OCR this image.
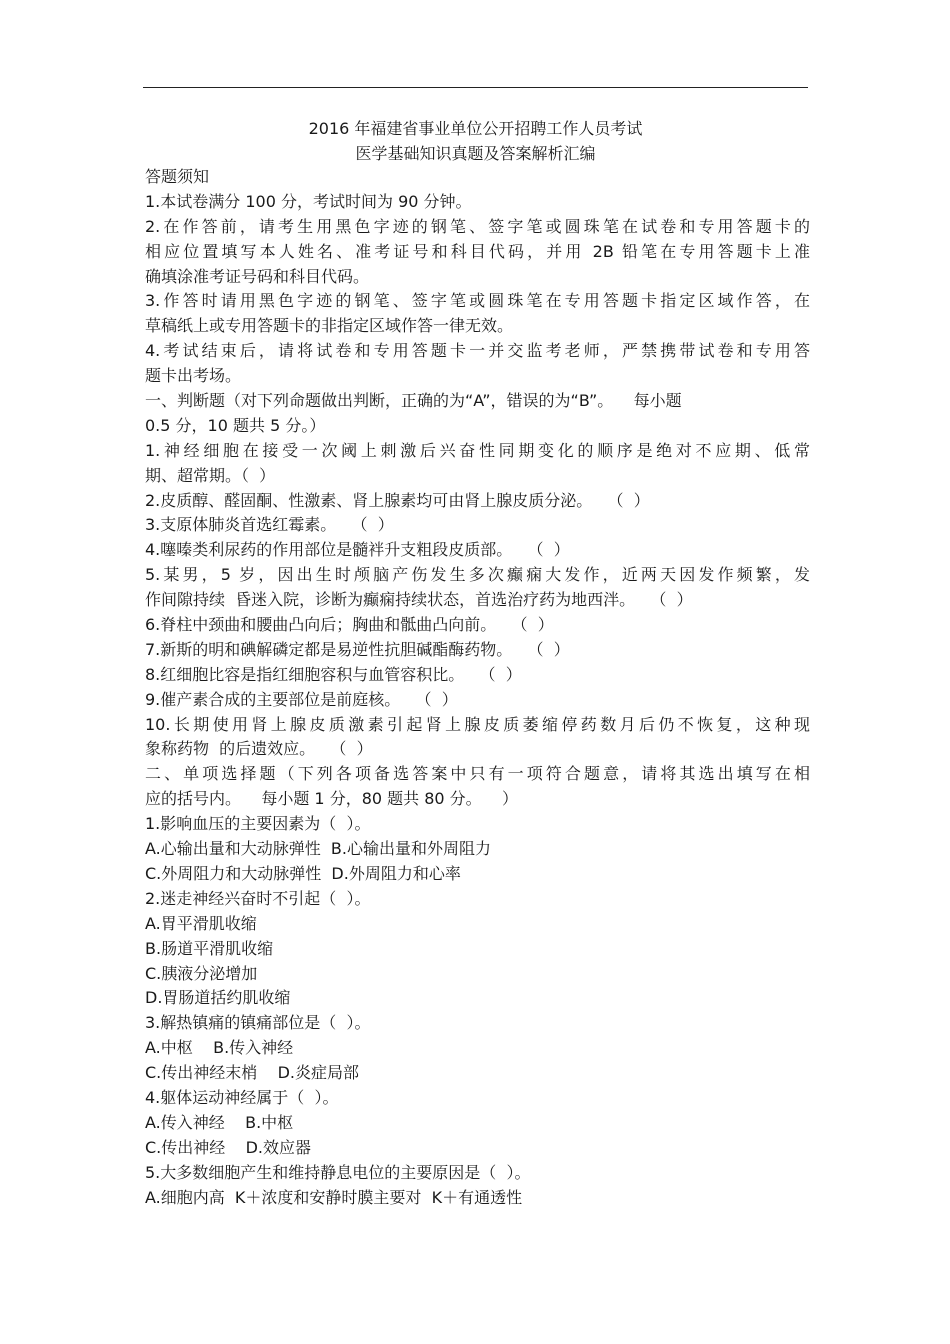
2016 年福建省事业单位公开招聘工作人员考试
医学基础知识真题及答案解析汇编
答题须知
1.本试卷满分 100 分，考试时间为 90 分钟。
2.在作答前，请考生用黑色字迹的钢笔、签字笔或圆珠笔在试卷和专用答题卡的
相应位置填写本人姓名、准考证号和科目代码，并用 2B 铅笔在专用答题卡上准
确填涂准考证号码和科目代码。
3.作答时请用黑色字迹的钢笔、签字笔或圆珠笔在专用答题卡指定区域作答，在
草稿纸上或专用答题卡的非指定区域作答一律无效。
4.考试结束后，请将试卷和专用答题卡一并交监考老师，严禁携带试卷和专用答
题卡出考场。
一、判断题（对下列命题做出判断，正确的为“A”，错误的为“B”。    每小题
0.5 分，10 题共 5 分。）
1.神经细胞在接受一次阈上刺激后兴奋性同期变化的顺序是绝对不应期、低常
期、超常期。（  ）
2.皮质醇、醛固酮、性激素、肾上腺素均可由肾上腺皮质分泌。   （  ）
3.支原体肺炎首选红霉素。   （  ）
4.噻嗪类利尿药的作用部位是髓袢升支粗段皮质部。   （  ）
5.某男，5 岁，因出生时颅脑产伤发生多次癫痫大发作，近两天因发作频繁，发
作间隙持续  昏迷入院，诊断为癫痫持续状态，首选治疗药为地西泮。   （  ）
6.脊柱中颈曲和腰曲凸向后；胸曲和骶曲凸向前。   （  ）
7.新斯的明和碘解磷定都是易逆性抗胆碱酯酶药物。   （  ）
8.红细胞比容是指红细胞容积与血管容积比。   （  ）
9.催产素合成的主要部位是前庭核。   （  ）
10.长期使用肾上腺皮质激素引起肾上腺皮质萎缩停药数月后仍不恢复，这种现
象称药物  的后遗效应。   （  ）
二、单项选择题（下列各项备选答案中只有一项符合题意，请将其选出填写在相
应的括号内。    每小题 1 分，80 题共 80 分。    ）
1.影响血压的主要因素为（  ）。
A.心输出量和大动脉弹性  B.心输出量和外周阻力
C.外周阻力和大动脉弹性  D.外周阻力和心率
2.迷走神经兴奋时不引起（  ）。
A.胃平滑肌收缩
B.肠道平滑肌收缩
C.胰液分泌增加
D.胃肠道括约肌收缩
3.解热镇痛的镇痛部位是（  ）。
A.中枢    B.传入神经
C.传出神经末梢    D.炎症局部
4.躯体运动神经属于（  ）。
A.传入神经    B.中枢
C.传出神经    D.效应器
5.大多数细胞产生和维持静息电位的主要原因是（  ）。
A.细胞内高  K＋浓度和安静时膜主要对  K＋有通透性
